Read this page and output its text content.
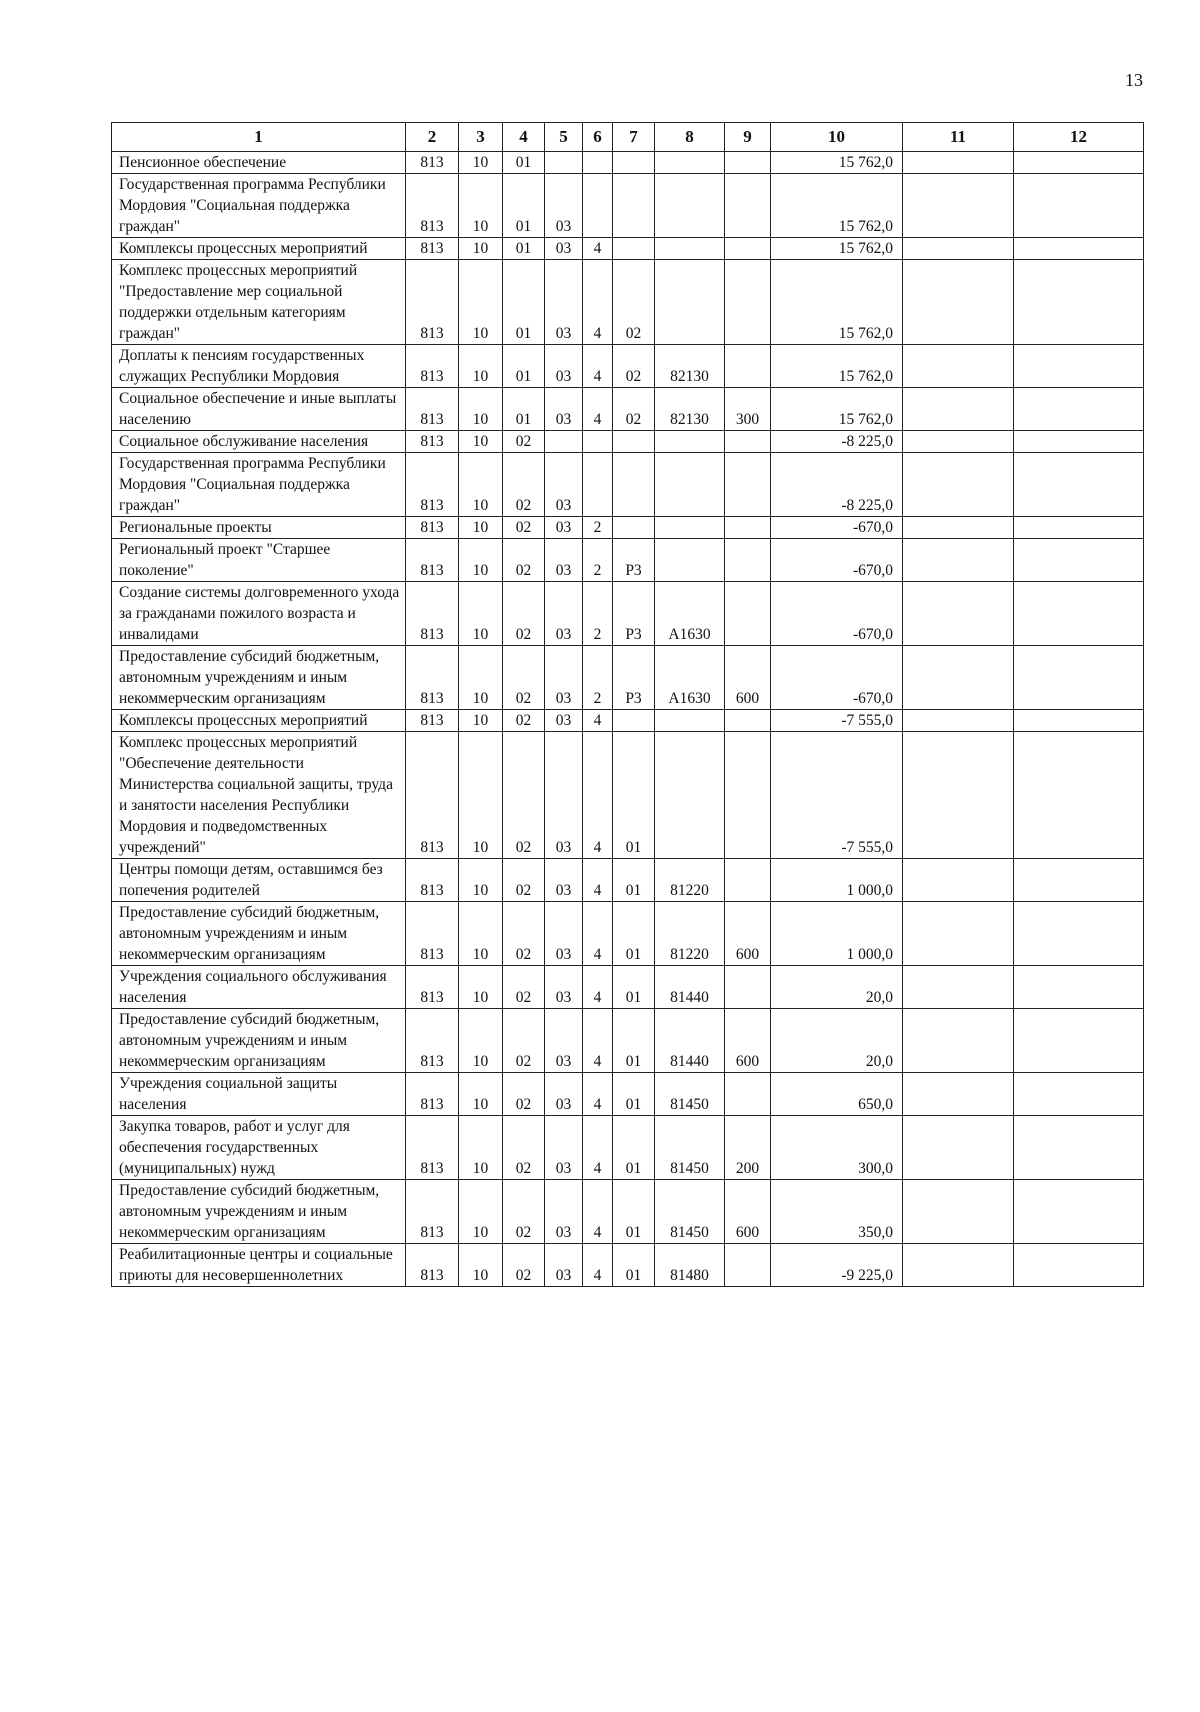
13
1	2	3	4	5	6	7	8	9	10	11	12
Пенсионное обеспечение	813	10	01						15 762,0		
Государственная программа Республики Мордовия "Социальная поддержка граждан"	813	10	01	03					15 762,0		
Комплексы процессных мероприятий	813	10	01	03	4				15 762,0		
Комплекс процессных мероприятий "Предоставление мер социальной поддержки отдельным категориям граждан"	813	10	01	03	4	02			15 762,0		
Доплаты к пенсиям государственных служащих Республики Мордовия	813	10	01	03	4	02	82130		15 762,0		
Социальное обеспечение и иные выплаты населению	813	10	01	03	4	02	82130	300	15 762,0		
Социальное обслуживание населения	813	10	02						-8 225,0		
Государственная программа Республики Мордовия "Социальная поддержка граждан"	813	10	02	03					-8 225,0		
Региональные проекты	813	10	02	03	2				-670,0		
Региональный проект "Старшее поколение"	813	10	02	03	2	Р3			-670,0		
Создание системы долговременного ухода за гражданами пожилого возраста и инвалидами	813	10	02	03	2	Р3	А1630		-670,0		
Предоставление субсидий бюджетным, автономным учреждениям и иным некоммерческим организациям	813	10	02	03	2	Р3	А1630	600	-670,0		
Комплексы процессных мероприятий	813	10	02	03	4				-7 555,0		
Комплекс процессных мероприятий "Обеспечение деятельности Министерства социальной защиты, труда и занятости населения Республики Мордовия и подведомственных учреждений"	813	10	02	03	4	01			-7 555,0		
Центры помощи детям, оставшимся без попечения родителей	813	10	02	03	4	01	81220		1 000,0		
Предоставление субсидий бюджетным, автономным учреждениям и иным некоммерческим организациям	813	10	02	03	4	01	81220	600	1 000,0		
Учреждения социального обслуживания населения	813	10	02	03	4	01	81440		20,0		
Предоставление субсидий бюджетным, автономным учреждениям и иным некоммерческим организациям	813	10	02	03	4	01	81440	600	20,0		
Учреждения социальной защиты населения	813	10	02	03	4	01	81450		650,0		
Закупка товаров, работ и услуг для обеспечения государственных (муниципальных) нужд	813	10	02	03	4	01	81450	200	300,0		
Предоставление субсидий бюджетным, автономным учреждениям и иным некоммерческим организациям	813	10	02	03	4	01	81450	600	350,0		
Реабилитационные центры и социальные приюты для несовершеннолетних	813	10	02	03	4	01	81480		-9 225,0		
